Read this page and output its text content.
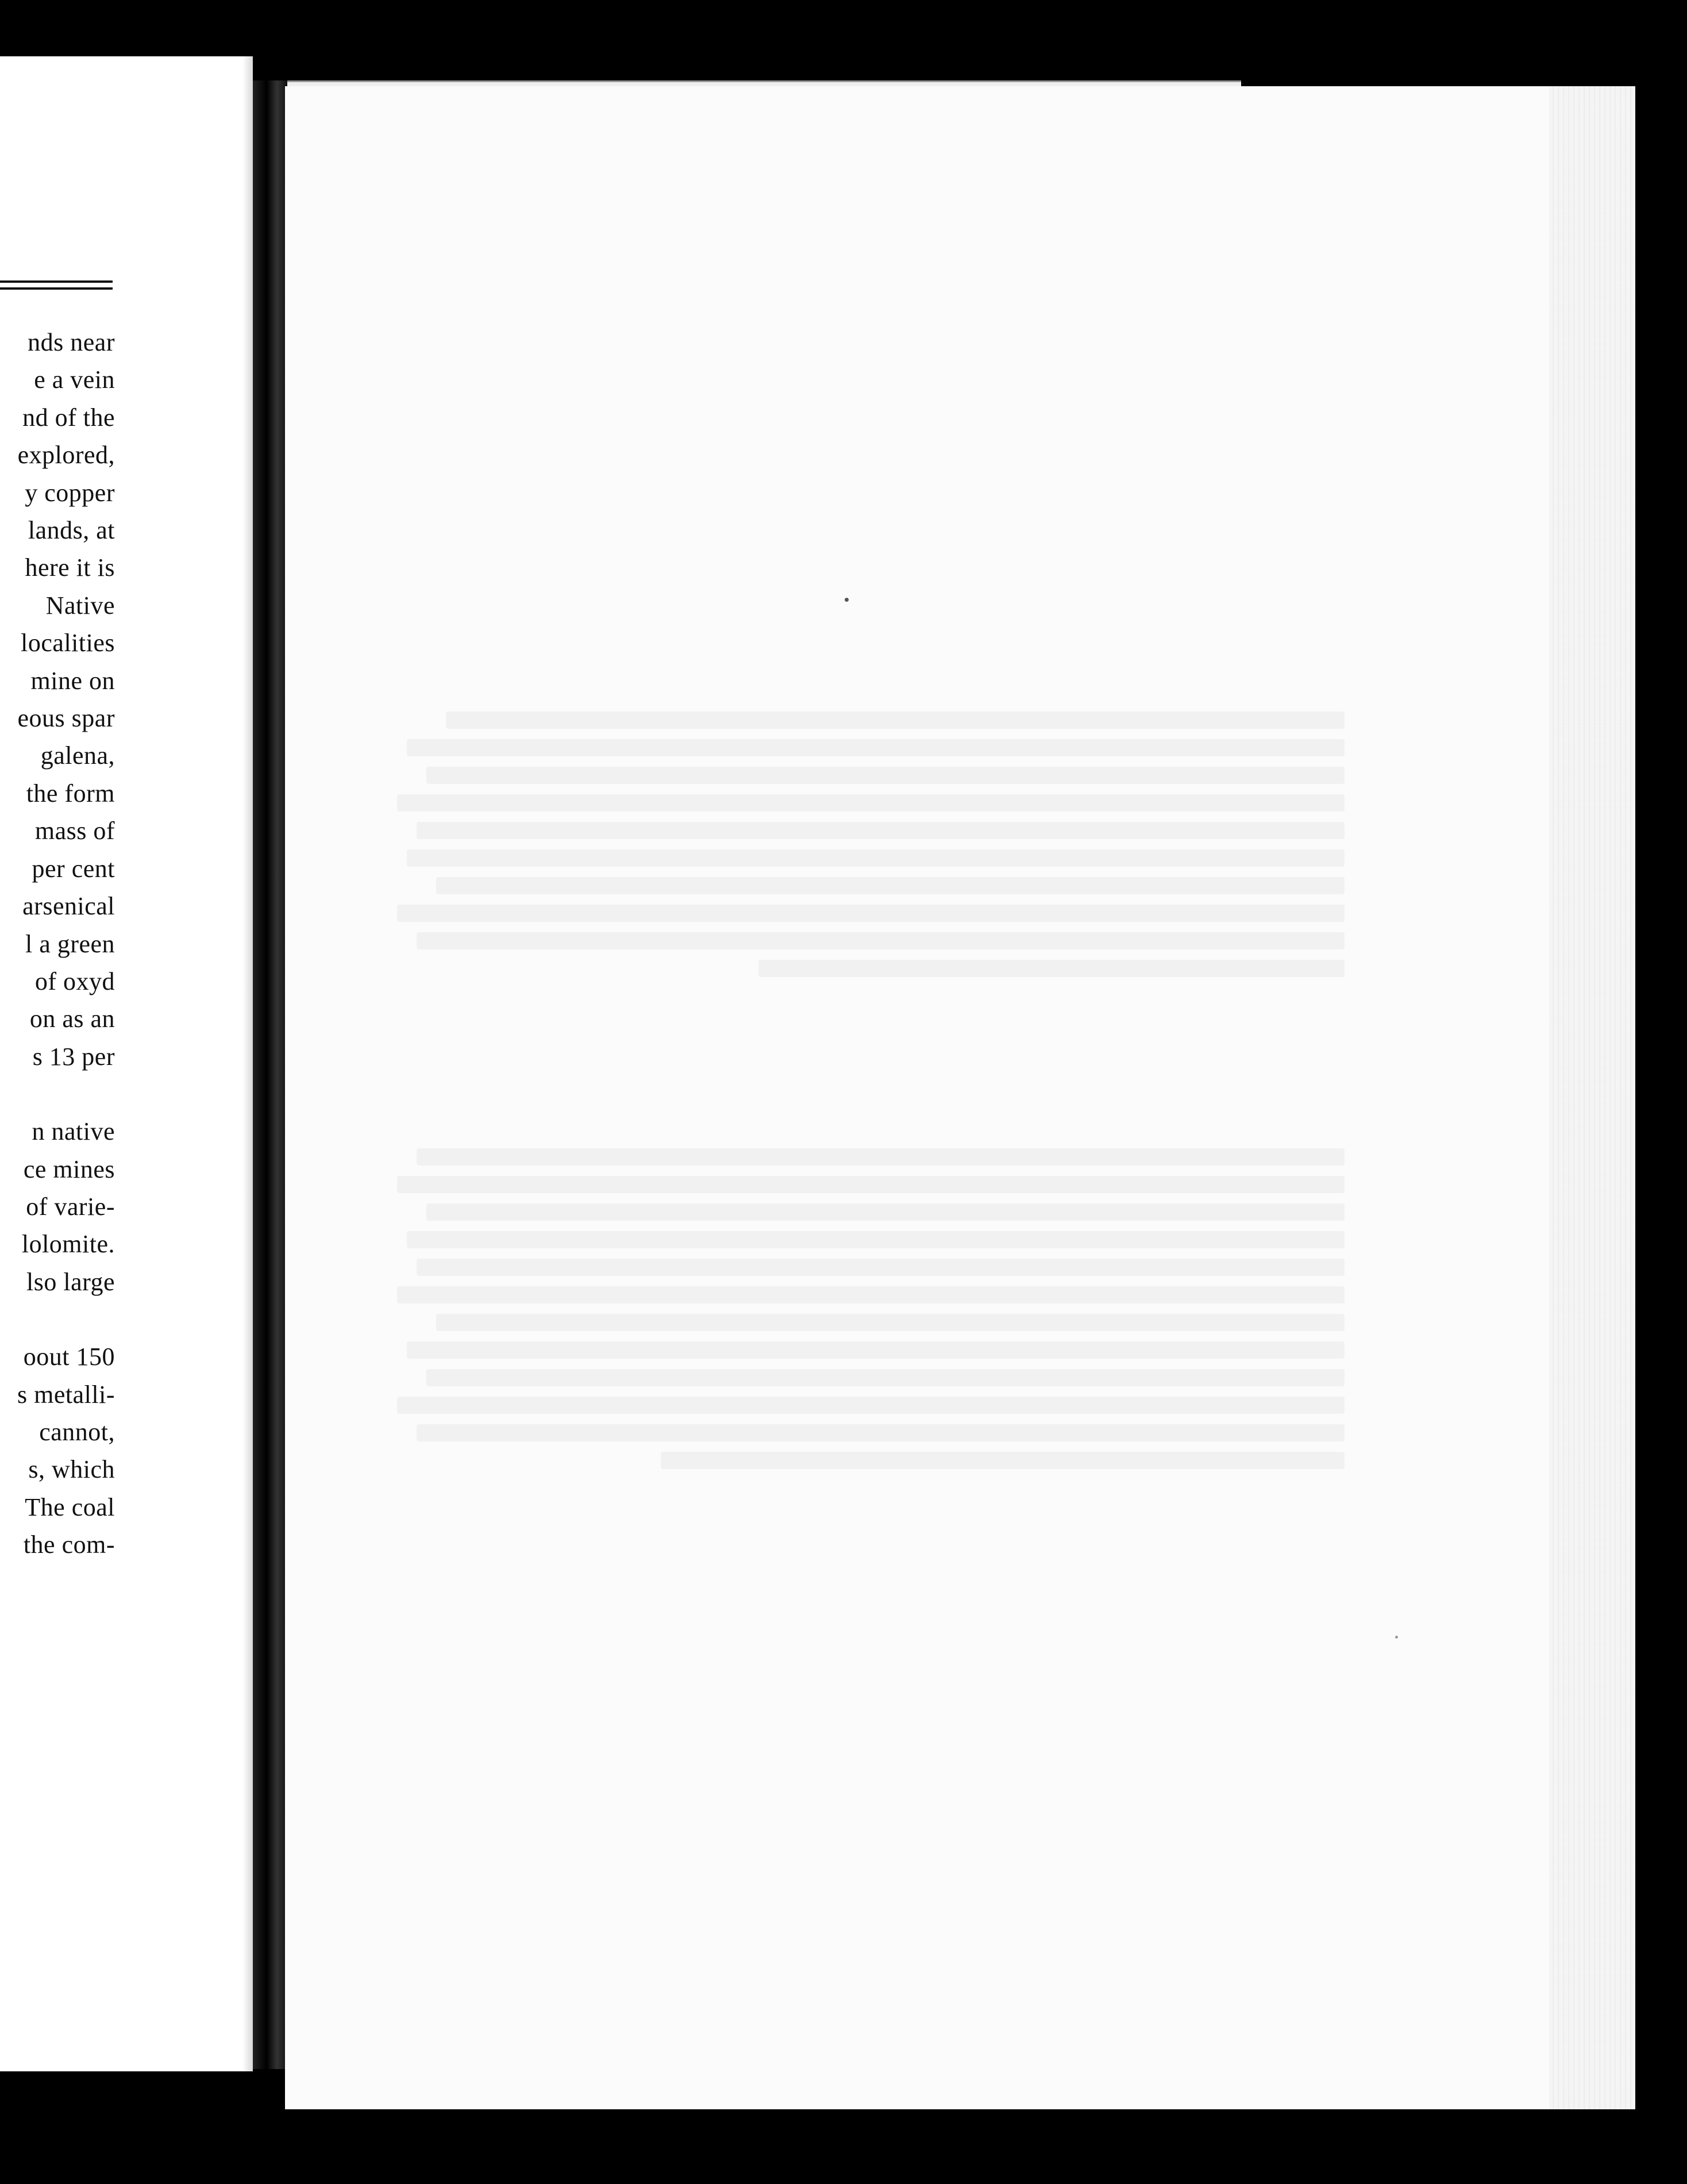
nds near
e a vein
nd of the
explored,
y copper
lands, at
here it is
Native
localities
mine on
eous spar
galena,
the form
mass of
per cent
arsenical
l a green
of oxyd
on as an
s 13 per
n native
ce mines
of varie-
lolomite.
lso large
oout 150
s metalli-
cannot,
s, which
The coal
the com-
